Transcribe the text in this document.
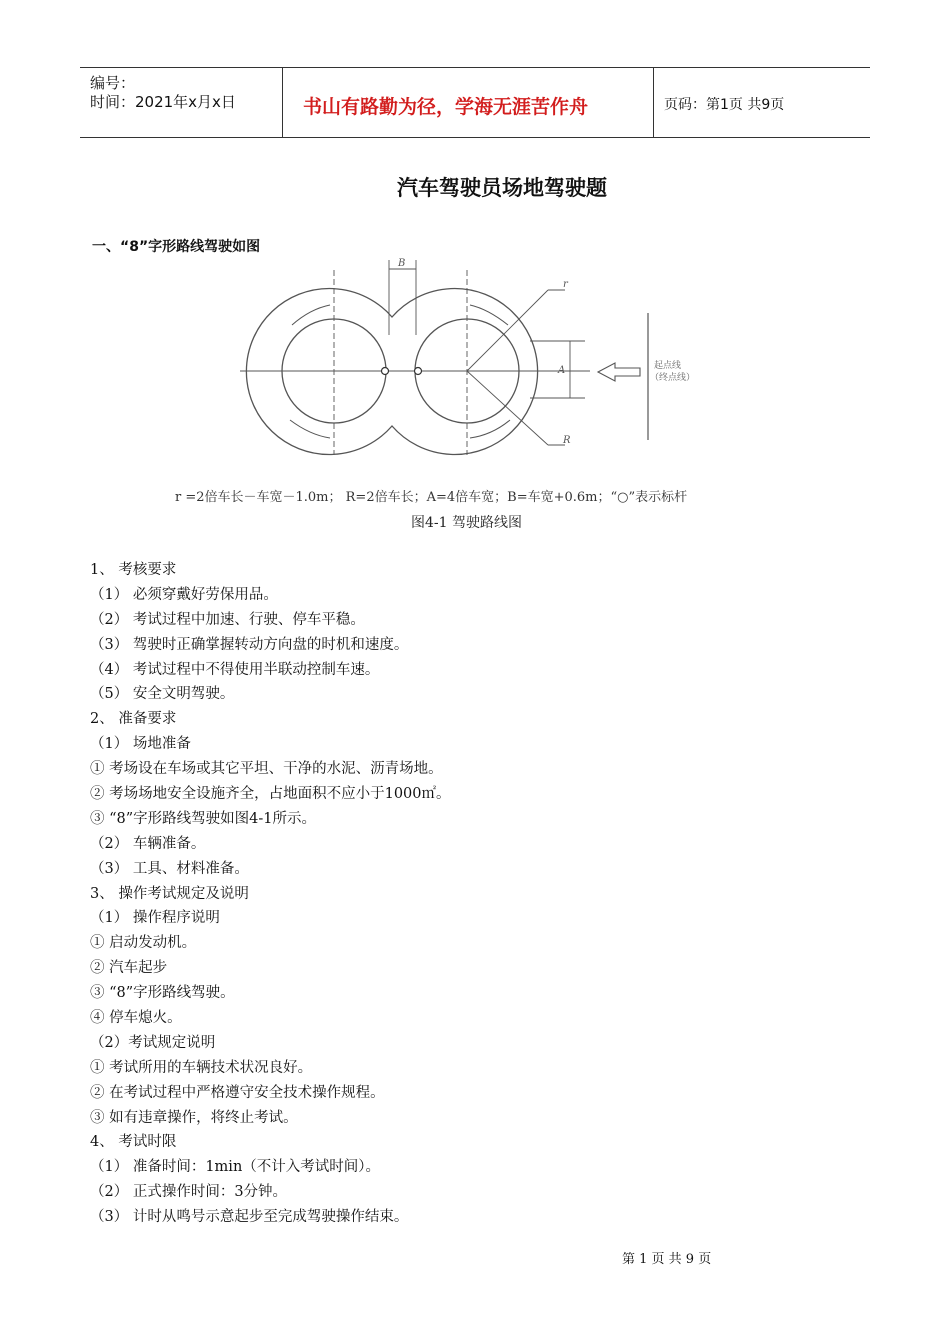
编号：
时间：2021年x月x日	书山有路勤为径，学海无涯苦作舟	页码：第1页 共9页
汽车驾驶员场地驾驶题
一、“8”字形路线驾驶如图
B
r
A
R
起点线
（终点线）
r =2倍车长－车宽－1.0m； R=2倍车长；A=4倍车宽；B=车宽+0.6m；“○”表示标杆
图4-1 驾驶路线图
1、 考核要求
（1） 必须穿戴好劳保用品。
（2） 考试过程中加速、行驶、停车平稳。
（3） 驾驶时正确掌握转动方向盘的时机和速度。
（4） 考试过程中不得使用半联动控制车速。
（5） 安全文明驾驶。
2、 准备要求
（1） 场地准备
① 考场设在车场或其它平坦、干净的水泥、沥青场地。
② 考场场地安全设施齐全，占地面积不应小于1000㎡。
③ “8”字形路线驾驶如图4-1所示。
（2） 车辆准备。
（3） 工具、材料准备。
3、 操作考试规定及说明
（1） 操作程序说明
① 启动发动机。
② 汽车起步
③ “8”字形路线驾驶。
④ 停车熄火。
（2）考试规定说明
① 考试所用的车辆技术状况良好。
② 在考试过程中严格遵守安全技术操作规程。
③ 如有违章操作，将终止考试。
4、 考试时限
（1） 准备时间：1min（不计入考试时间）。
（2） 正式操作时间：3分钟。
（3） 计时从鸣号示意起步至完成驾驶操作结束。
第 1 页 共 9 页
